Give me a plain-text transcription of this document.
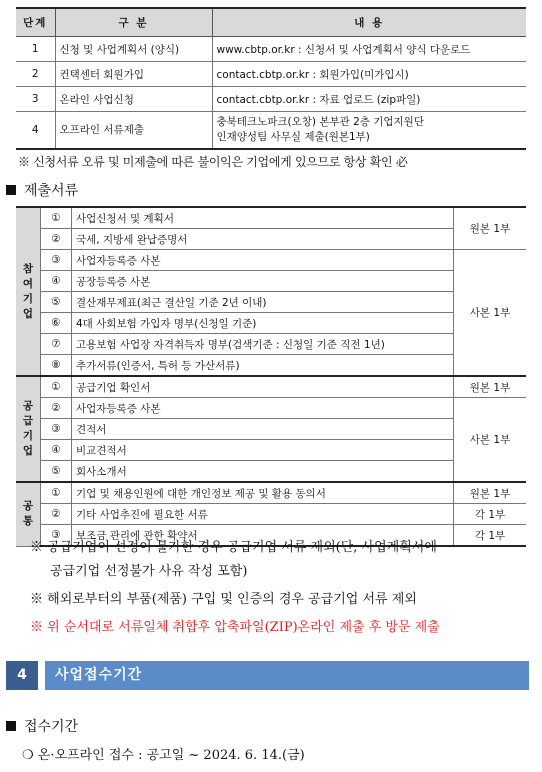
단계	구 분	내 용
1	신청 및 사업계획서 (양식)	www.cbtp.or.kr : 신청서 및 사업계획서 양식 다운로드
2	컨택센터 회원가입	contact.cbtp.or.kr : 회원가입(미가입시)
3	온라인 사업신청	contact.cbtp.or.kr : 자료 업로드 (zip파일)
4	오프라인 서류제출	충북테크노파크(오창) 본부관 2층 기업지원단
인재양성팀 사무실 제출(원본1부)
※ 신청서류 오류 및 미제출에 따른 불이익은 기업에게 있으므로 항상 확인 必
제출서류
참
여
기
업	①	사업신청서 및 계획서	원본 1부
	②	국세, 지방세 완납증명서	
	③	사업자등록증 사본	사본 1부
	④	공장등록증 사본	
	⑤	결산재무제표(최근 결산일 기준 2년 이내)	
	⑥	4대 사회보험 가입자 명부(신청일 기준)	
	⑦	고용보험 사업장 자격취득자 명부(검색기준 : 신청일 기준 직전 1년)	
	⑧	추가서류(인증서, 특허 등 가산서류)	

공
급
기
업	①	공급기업 확인서	원본 1부
	②	사업자등록증 사본	사본 1부
	③	견적서	
	④	비교견적서	
	⑤	회사소개서	

공
통	①	기업 및 채용인원에 대한 개인정보 제공 및 활용 동의서	원본 1부
	②	기타 사업추진에 필요한 서류	각 1부
	③	보조금 관리에 관한 확약서	각 1부
※ 공급기업이 선정이 불가한 경우 공급기업 서류 제외(단, 사업계획서에
공급기업 선정불가 사유 작성 포함)
※ 해외로부터의 부품(제품) 구입 및 인증의 경우 공급기업 서류 제외
※ 위 순서대로 서류일체 취합후 압축파일(ZIP)온라인 제출 후 방문 제출
4	사업접수기간
접수기간
❍ 온·오프라인 접수 : 공고일 ~ 2024. 6. 14.(금)
